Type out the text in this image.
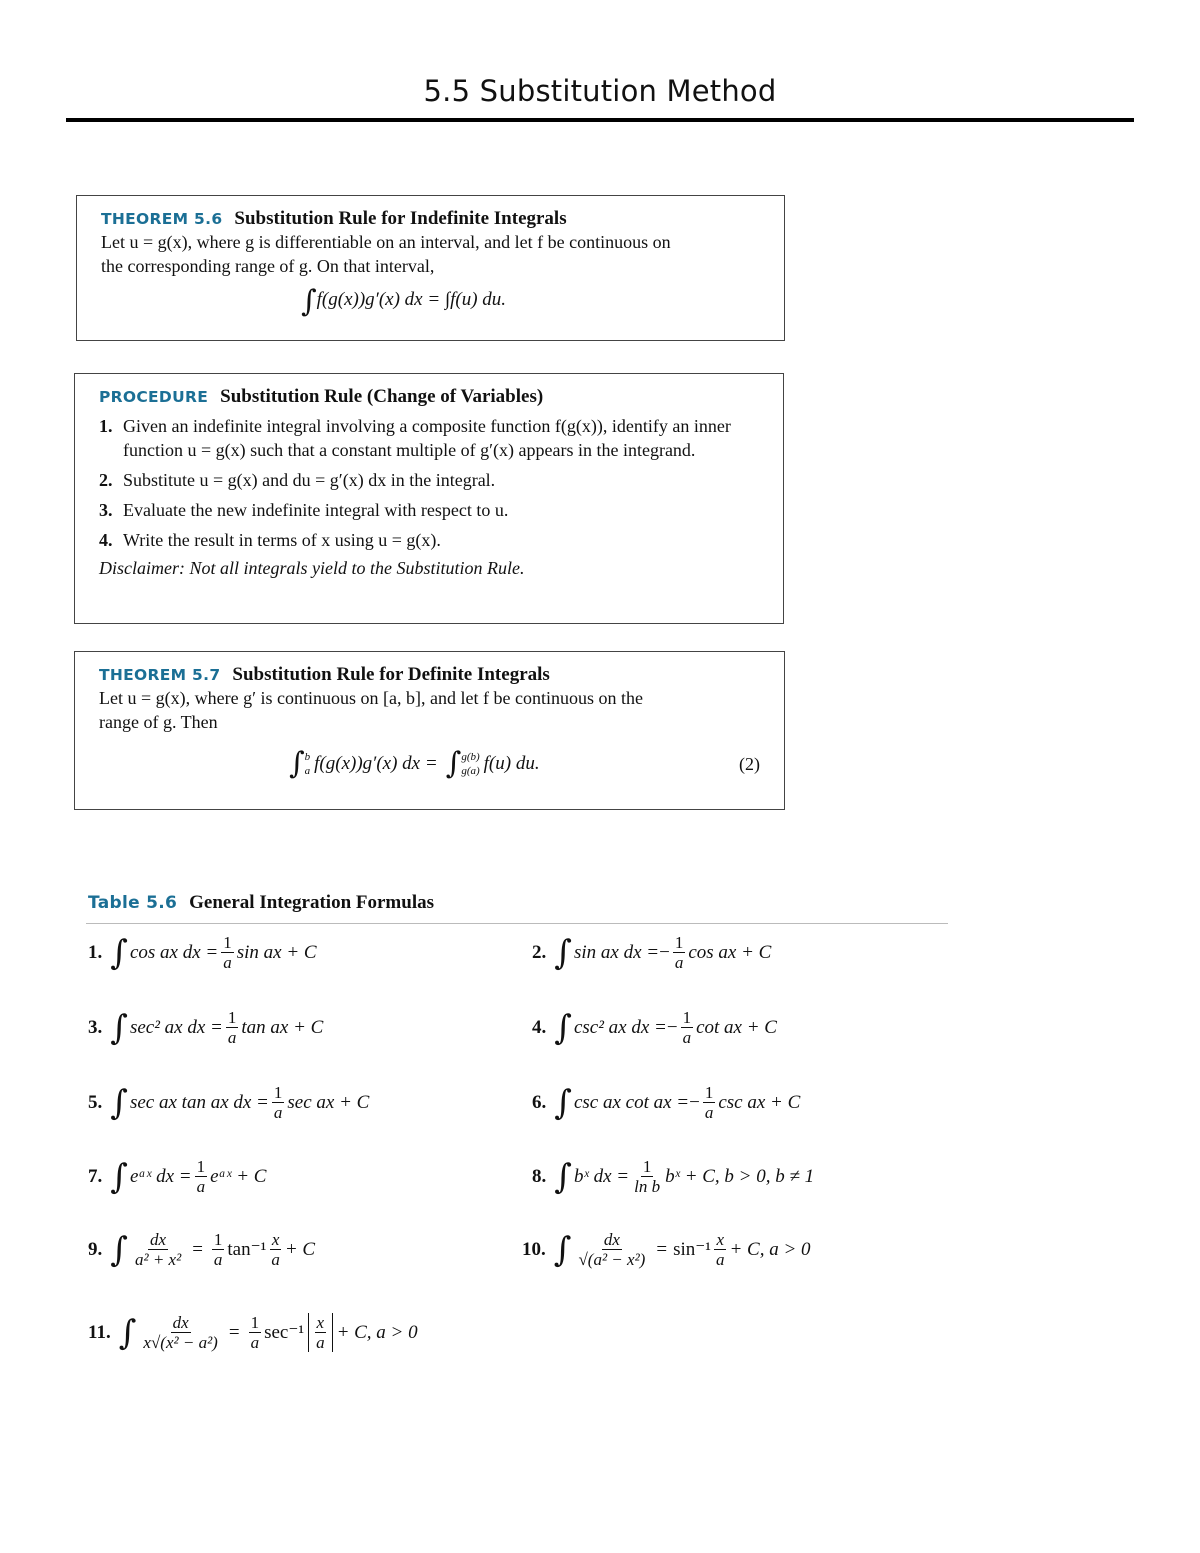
5.5 Substitution Method
THEOREM 5.6 Substitution Rule for Indefinite Integrals
Let u = g(x), where g is differentiable on an interval, and let f be continuous on
the corresponding range of g. On that interval,
∫f(g(x))g′(x) dx = ∫f(u) du.
PROCEDURE Substitution Rule (Change of Variables)
1. Given an indefinite integral involving a composite function f(g(x)), identify an inner function u = g(x) such that a constant multiple of g′(x) appears in the integrand.
2. Substitute u = g(x) and du = g′(x) dx in the integral.
3. Evaluate the new indefinite integral with respect to u.
4. Write the result in terms of x using u = g(x).
Disclaimer: Not all integrals yield to the Substitution Rule.
THEOREM 5.7 Substitution Rule for Definite Integrals
Let u = g(x), where g′ is continuous on [a, b], and let f be continuous on the
range of g. Then
∫ b
a f(g(x))g′(x) dx = ∫ g(b)
g(a) f(u) du.	(2)
Table 5.6 General Integration Formulas
1. ∫ cos ax dx = $\frac{1}{a}$ sin ax + C	2. ∫ sin ax dx = − $\frac{1}{a}$ cos ax + C
3. ∫ sec² ax dx = $\frac{1}{a}$ tan ax + C	4. ∫ csc² ax dx = − $\frac{1}{a}$ cot ax + C
5. ∫ sec ax tan ax dx = $\frac{1}{a}$ sec ax + C	6. ∫ csc ax cot ax = − $\frac{1}{a}$ csc ax + C
7. ∫ eᵃˣ dx = $\frac{1}{a}$ eᵃˣ + C	8. ∫ bˣ dx = $\frac{1}{\text{ln b}}$ bˣ + C, b > 0, b ≠ 1
9. ∫ $\frac{dx}{\text{a² + x²}} = \frac{1}{a} \tan^{-1} \frac{x}{a} + C$	10. ∫ $\frac{dx}{\text{√(a² − x²)}} = \sin^{-1} \frac{x}{a} + C$, a > 0
11. ∫ $\frac{dx}{\text{x√(x² − a²)}} = \frac{1}{a} \sec^{-1} \frac{x}{a} + C$, a > 0
